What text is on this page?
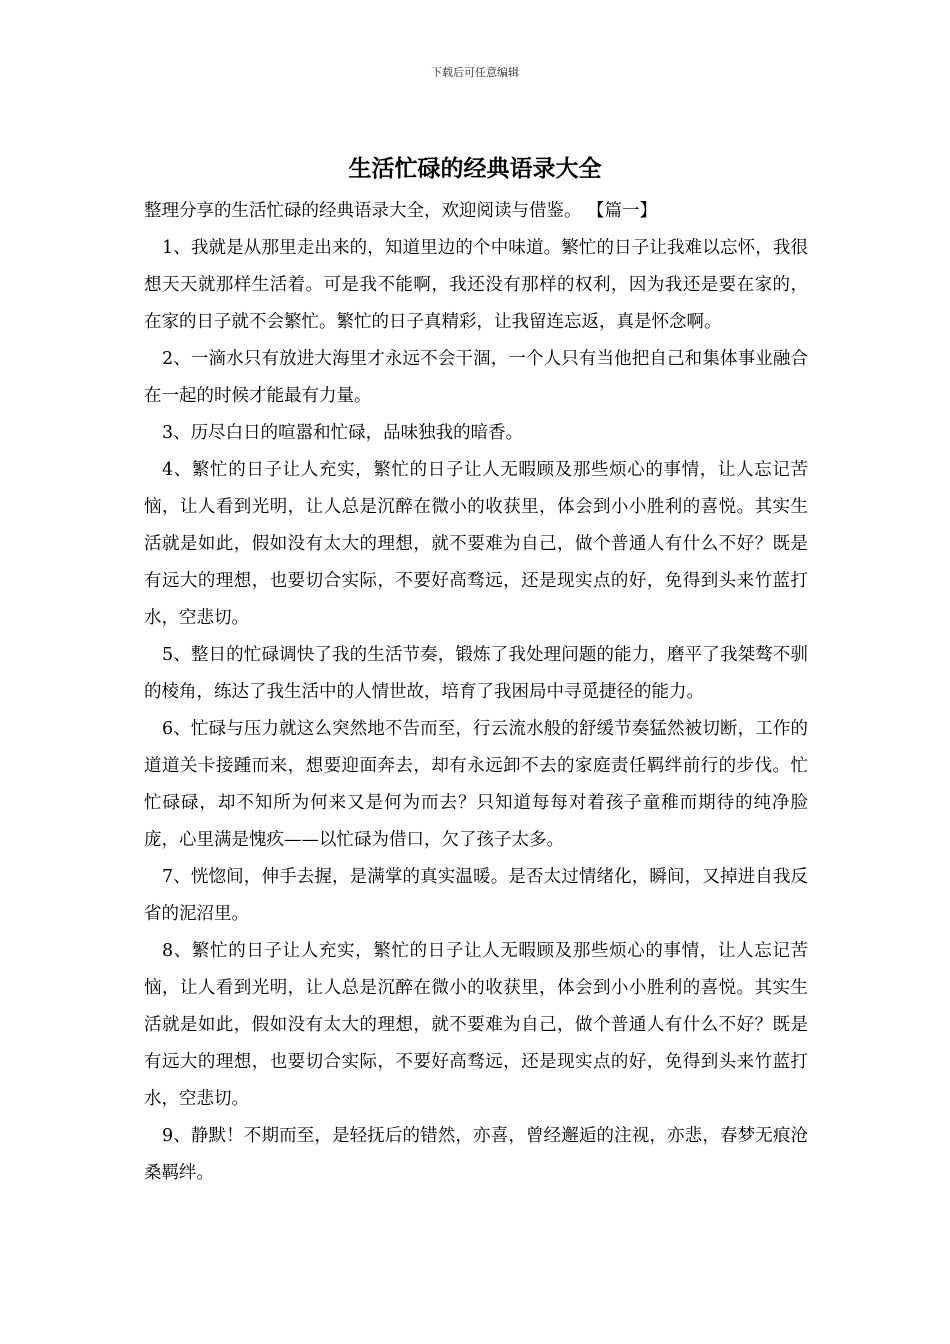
下载后可任意编辑
生活忙碌的经典语录大全

整理分享的生活忙碌的经典语录大全，欢迎阅读与借鉴。 【篇一】

1、我就是从那里走出来的，知道里边的个中味道。繁忙的日子让我难以忘怀，我很想天天就那样生活着。可是我不能啊，我还没有那样的权利，因为我还是要在家的，在家的日子就不会繁忙。繁忙的日子真精彩，让我留连忘返，真是怀念啊。

2、一滴水只有放进大海里才永远不会干涸，一个人只有当他把自己和集体事业融合在一起的时候才能最有力量。

3、历尽白日的喧嚣和忙碌，品味独我的暗香。

4、繁忙的日子让人充实，繁忙的日子让人无暇顾及那些烦心的事情，让人忘记苦恼，让人看到光明，让人总是沉醉在微小的收获里，体会到小小胜利的喜悦。其实生活就是如此，假如没有太大的理想，就不要难为自己，做个普通人有什么不好？既是有远大的理想，也要切合实际，不要好高骛远，还是现实点的好，免得到头来竹蓝打水，空悲切。

5、整日的忙碌调快了我的生活节奏，锻炼了我处理问题的能力，磨平了我桀骜不驯的棱角，练达了我生活中的人情世故，培育了我困局中寻觅捷径的能力。

6、忙碌与压力就这么突然地不告而至，行云流水般的舒缓节奏猛然被切断，工作的道道关卡接踵而来，想要迎面奔去，却有永远卸不去的家庭责任羁绊前行的步伐。忙忙碌碌，却不知所为何来又是何为而去？只知道每每对着孩子童稚而期待的纯净脸庞，心里满是愧疚——以忙碌为借口，欠了孩子太多。

7、恍惚间，伸手去握，是满掌的真实温暖。是否太过情绪化，瞬间，又掉进自我反省的泥沼里。

8、繁忙的日子让人充实，繁忙的日子让人无暇顾及那些烦心的事情，让人忘记苦恼，让人看到光明，让人总是沉醉在微小的收获里，体会到小小胜利的喜悦。其实生活就是如此，假如没有太大的理想，就不要难为自己，做个普通人有什么不好？既是有远大的理想，也要切合实际，不要好高骛远，还是现实点的好，免得到头来竹蓝打水，空悲切。

9、静默！不期而至，是轻抚后的错然，亦喜，曾经邂逅的注视，亦悲，春梦无痕沧桑羁绊。
